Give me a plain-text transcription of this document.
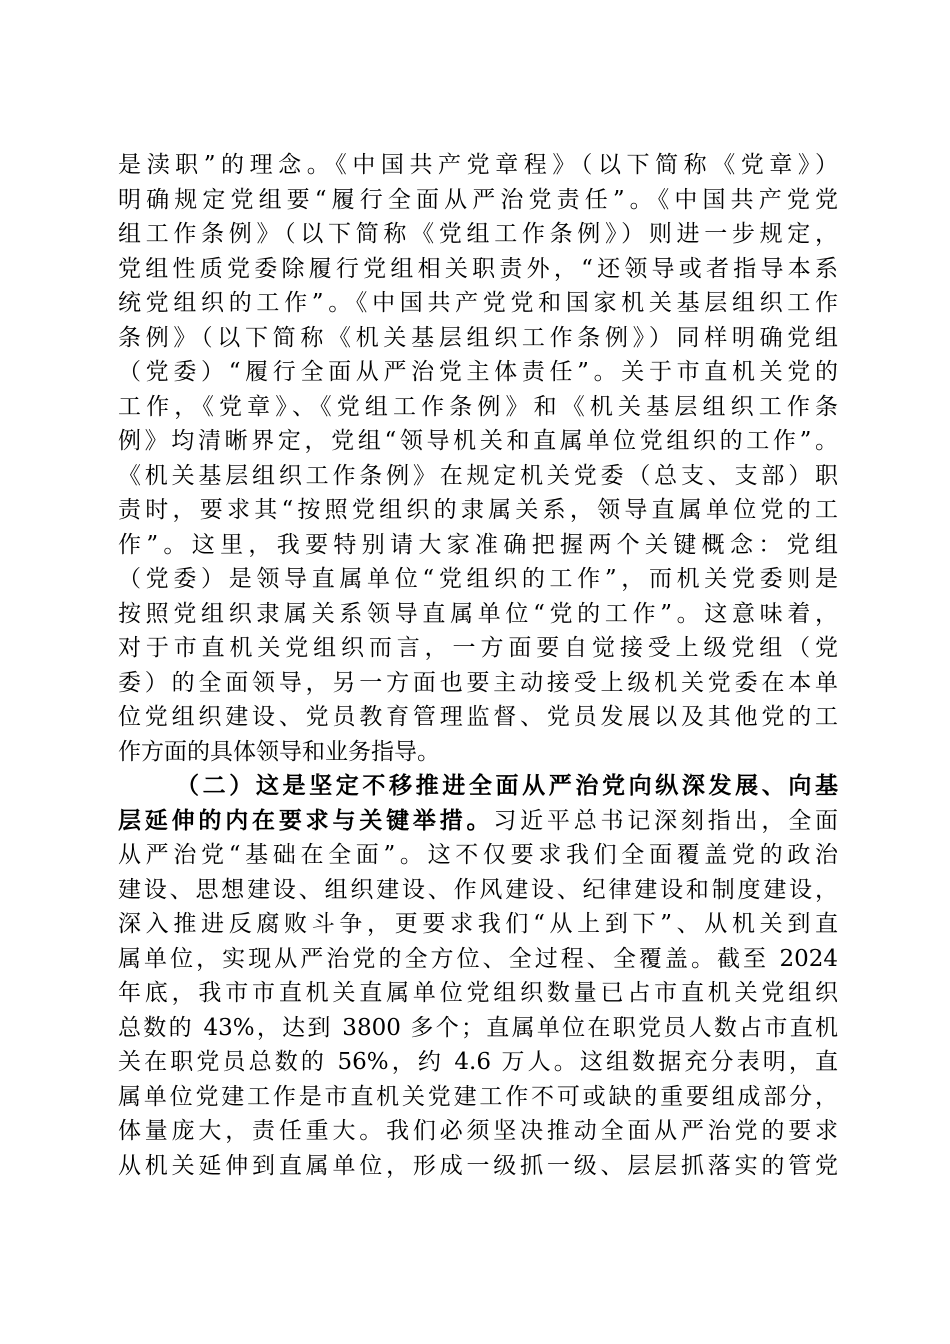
是渎职”的理念。《中国共产党章程》（以下简称《党章》）
明确规定党组要“履行全面从严治党责任”。《中国共产党党
组工作条例》（以下简称《党组工作条例》）则进一步规定，
党组性质党委除履行党组相关职责外，“还领导或者指导本系
统党组织的工作”。《中国共产党党和国家机关基层组织工作
条例》（以下简称《机关基层组织工作条例》）同样明确党组
（党委）“履行全面从严治党主体责任”。关于市直机关党的
工作，《党章》、《党组工作条例》和《机关基层组织工作条
例》均清晰界定，党组“领导机关和直属单位党组织的工作”。
《机关基层组织工作条例》在规定机关党委（总支、支部）职
责时，要求其“按照党组织的隶属关系，领导直属单位党的工
作”。这里，我要特别请大家准确把握两个关键概念：党组
（党委）是领导直属单位“党组织的工作”，而机关党委则是
按照党组织隶属关系领导直属单位“党的工作”。这意味着，
对于市直机关党组织而言，一方面要自觉接受上级党组（党
委）的全面领导，另一方面也要主动接受上级机关党委在本单
位党组织建设、党员教育管理监督、党员发展以及其他党的工
作方面的具体领导和业务指导。
（二）这是坚定不移推进全面从严治党向纵深发展、向基
层延伸的内在要求与关键举措。习近平总书记深刻指出，全面
从严治党“基础在全面”。这不仅要求我们全面覆盖党的政治
建设、思想建设、组织建设、作风建设、纪律建设和制度建设，
深入推进反腐败斗争，更要求我们“从上到下”、从机关到直
属单位，实现从严治党的全方位、全过程、全覆盖。截至 2024
年底，我市市直机关直属单位党组织数量已占市直机关党组织
总数的 43%，达到 3800 多个；直属单位在职党员人数占市直机
关在职党员总数的 56%，约 4.6 万人。这组数据充分表明，直
属单位党建工作是市直机关党建工作不可或缺的重要组成部分，
体量庞大，责任重大。我们必须坚决推动全面从严治党的要求
从机关延伸到直属单位，形成一级抓一级、层层抓落实的管党
